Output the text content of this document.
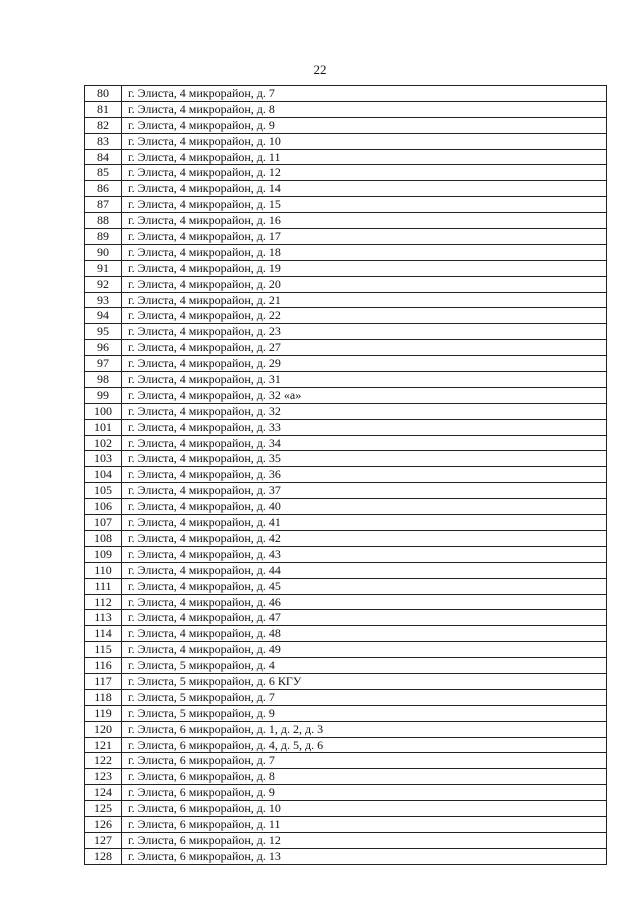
22
80	г. Элиста, 4 микрорайон, д. 7
81	г. Элиста, 4 микрорайон, д. 8
82	г. Элиста, 4 микрорайон, д. 9
83	г. Элиста, 4 микрорайон, д. 10
84	г. Элиста, 4 микрорайон, д. 11
85	г. Элиста, 4 микрорайон, д. 12
86	г. Элиста, 4 микрорайон, д. 14
87	г. Элиста, 4 микрорайон, д. 15
88	г. Элиста, 4 микрорайон, д. 16
89	г. Элиста, 4 микрорайон, д. 17
90	г. Элиста, 4 микрорайон, д. 18
91	г. Элиста, 4 микрорайон, д. 19
92	г. Элиста, 4 микрорайон, д. 20
93	г. Элиста, 4 микрорайон, д. 21
94	г. Элиста, 4 микрорайон, д. 22
95	г. Элиста, 4 микрорайон, д. 23
96	г. Элиста, 4 микрорайон, д. 27
97	г. Элиста, 4 микрорайон, д. 29
98	г. Элиста, 4 микрорайон, д. 31
99	г. Элиста, 4 микрорайон, д. 32 «а»
100	г. Элиста, 4 микрорайон, д. 32
101	г. Элиста, 4 микрорайон, д. 33
102	г. Элиста, 4 микрорайон, д. 34
103	г. Элиста, 4 микрорайон, д. 35
104	г. Элиста, 4 микрорайон, д. 36
105	г. Элиста, 4 микрорайон, д. 37
106	г. Элиста, 4 микрорайон, д. 40
107	г. Элиста, 4 микрорайон, д. 41
108	г. Элиста, 4 микрорайон, д. 42
109	г. Элиста, 4 микрорайон, д. 43
110	г. Элиста, 4 микрорайон, д. 44
111	г. Элиста, 4 микрорайон, д. 45
112	г. Элиста, 4 микрорайон, д. 46
113	г. Элиста, 4 микрорайон, д. 47
114	г. Элиста, 4 микрорайон, д. 48
115	г. Элиста, 4 микрорайон, д. 49
116	г. Элиста, 5 микрорайон, д. 4
117	г. Элиста, 5 микрорайон, д. 6 КГУ
118	г. Элиста, 5 микрорайон, д. 7
119	г. Элиста, 5 микрорайон, д. 9
120	г. Элиста, 6 микрорайон, д. 1, д. 2, д. 3
121	г. Элиста, 6 микрорайон, д. 4, д. 5, д. 6
122	г. Элиста, 6 микрорайон, д. 7
123	г. Элиста, 6 микрорайон, д. 8
124	г. Элиста, 6 микрорайон, д. 9
125	г. Элиста, 6 микрорайон, д. 10
126	г. Элиста, 6 микрорайон, д. 11
127	г. Элиста, 6 микрорайон, д. 12
128	г. Элиста, 6 микрорайон, д. 13
